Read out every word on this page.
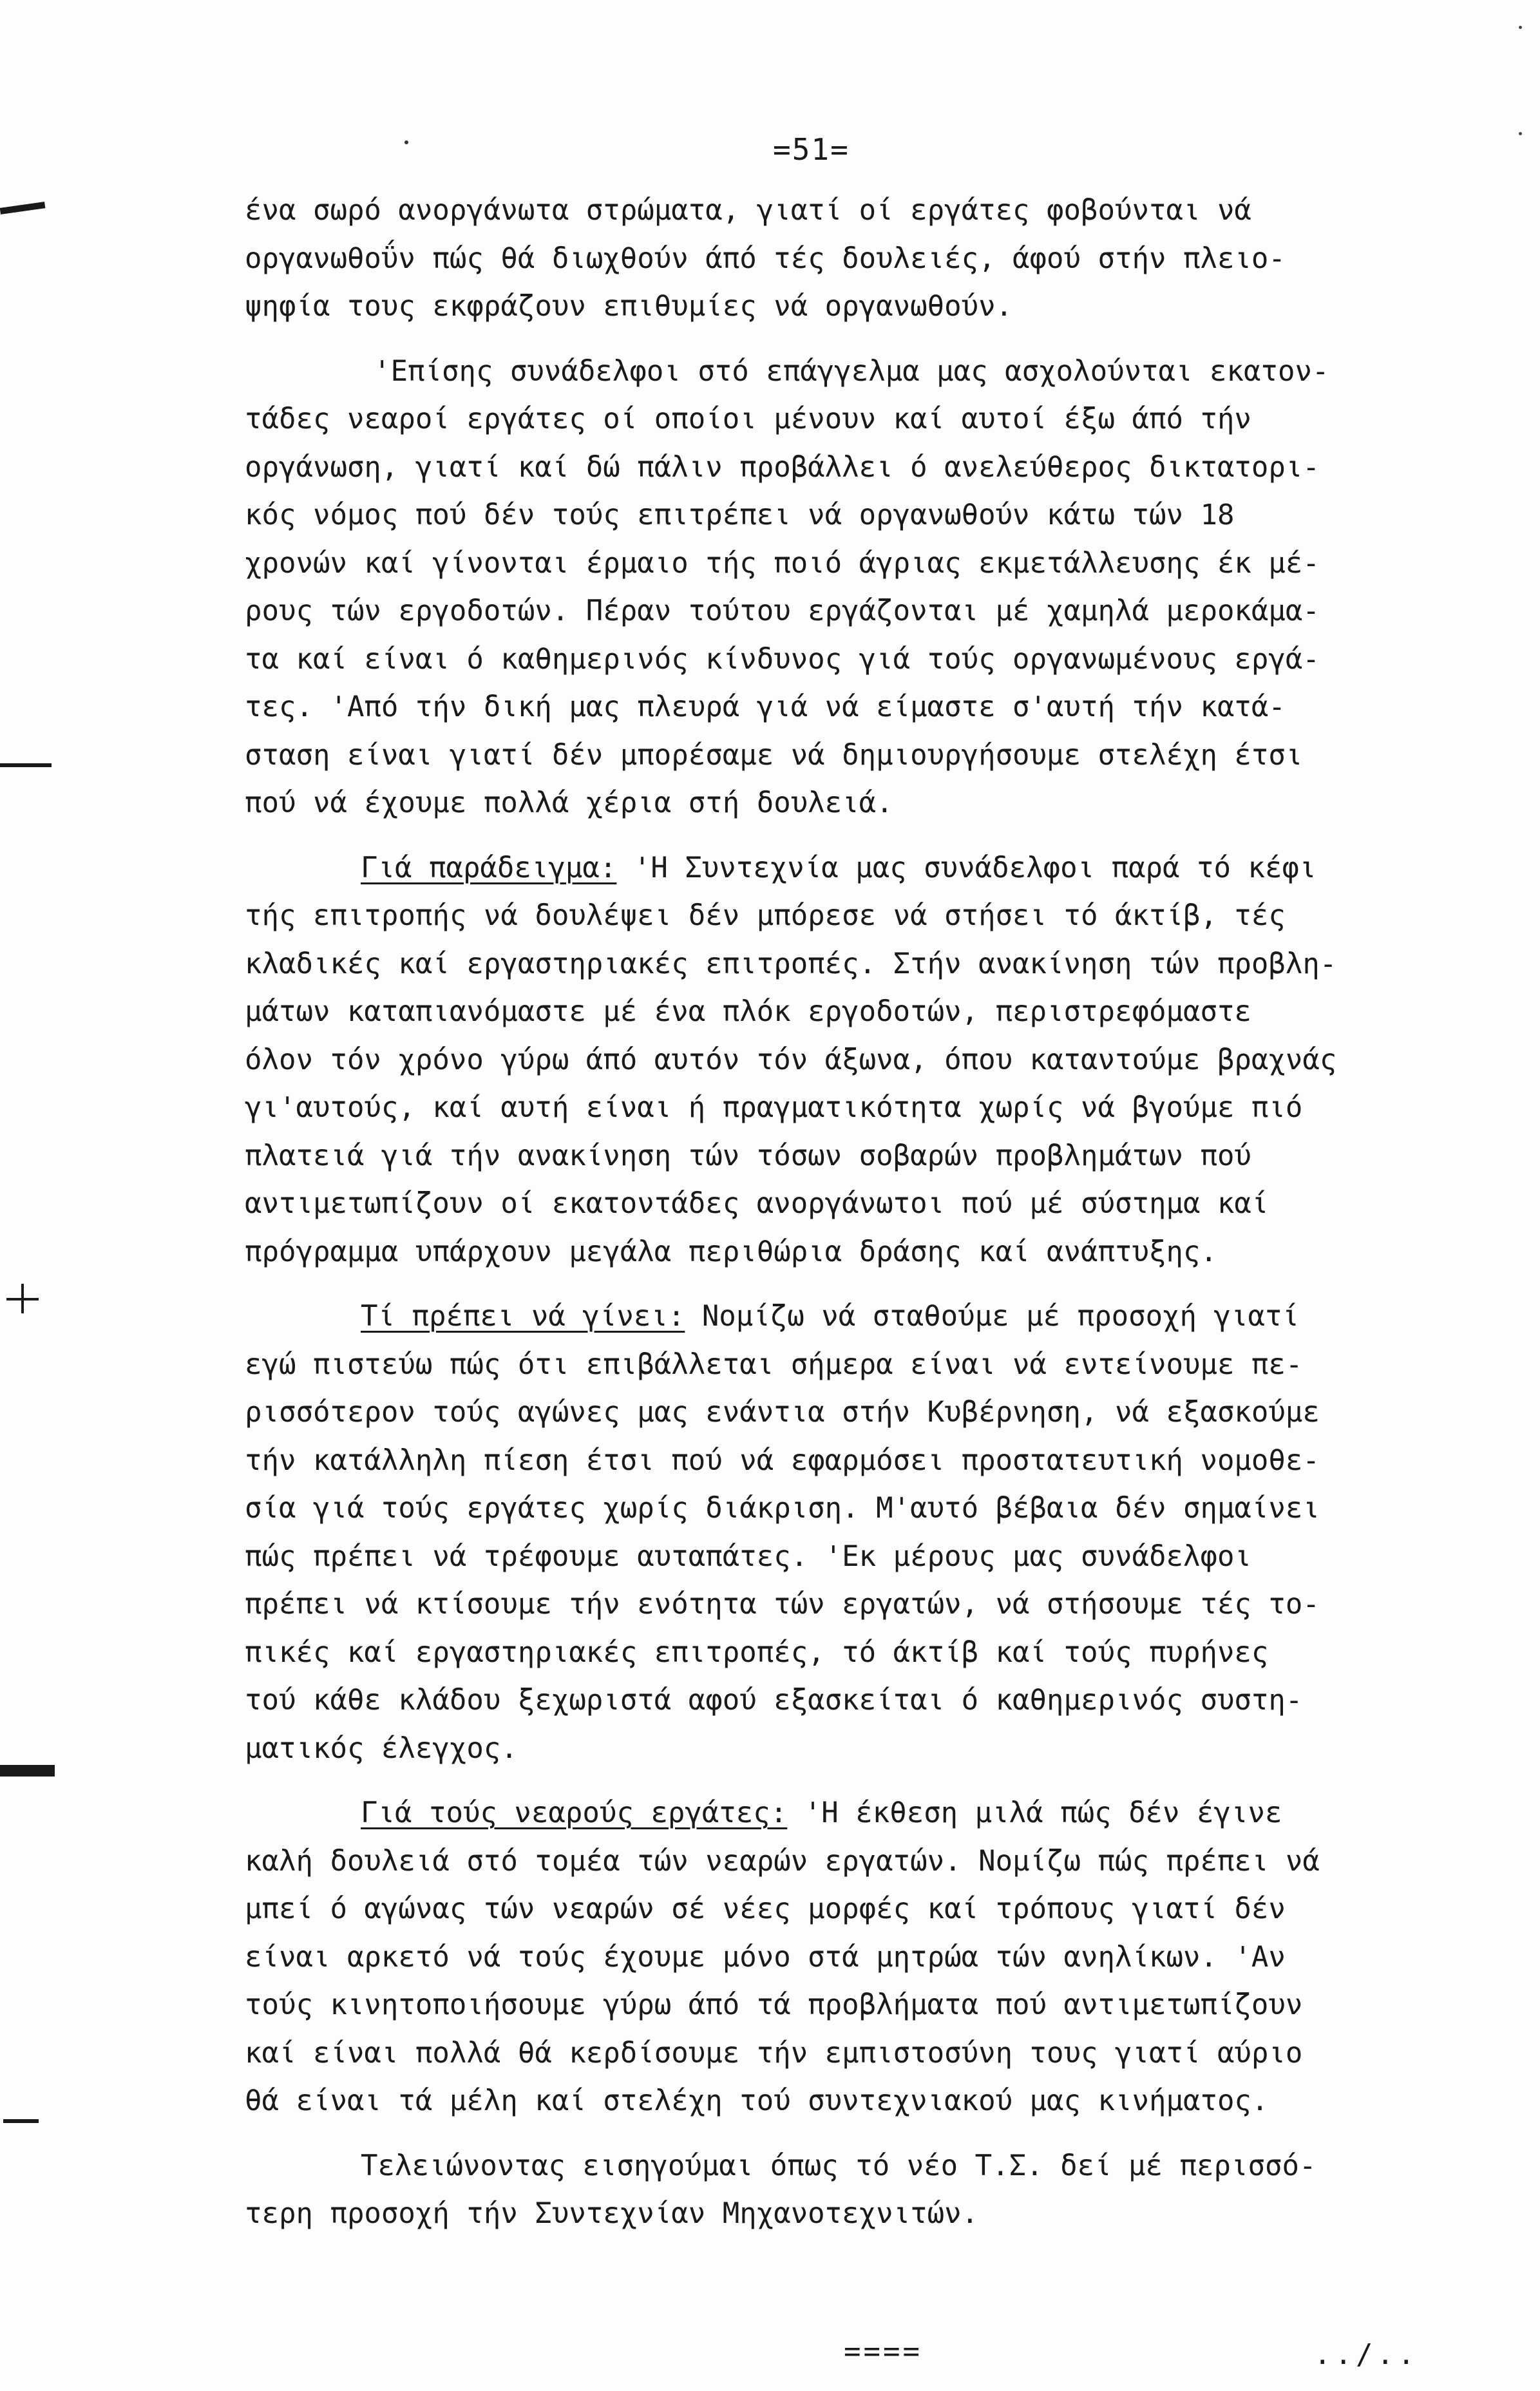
=51=
ένα σωρό ανοργάνωτα στρώματα, γιατί οί εργάτες φοβούνται νά
οργανωθοΰν πώς θά διωχθούν άπό τές δουλειές, άφού στήν πλειο-
ψηφία τους εκφράζουν επιθυμίες νά οργανωθούν.
'Επίσης συνάδελφοι στό επάγγελμα μας ασχολούνται εκατον-
τάδες νεαροί εργάτες οί οποίοι μένουν καί αυτοί έξω άπό τήν
οργάνωση, γιατί καί δώ πάλιν προβάλλει ό ανελεύθερος δικτατορι-
κός νόμος πού δέν τούς επιτρέπει νά οργανωθούν κάτω τών 18
χρονών καί γίνονται έρμαιο τής ποιό άγριας εκμετάλλευσης έκ μέ-
ρους τών εργοδοτών. Πέραν τούτου εργάζονται μέ χαμηλά μεροκάμα-
τα καί είναι ό καθημερινός κίνδυνος γιά τούς οργανωμένους εργά-
τες. 'Από τήν δική μας πλευρά γιά νά είμαστε σ'αυτή τήν κατά-
σταση είναι γιατί δέν μπορέσαμε νά δημιουργήσουμε στελέχη έτσι
πού νά έχουμε πολλά χέρια στή δουλειά.
Γιά παράδειγμα: 'Η Συντεχνία μας συνάδελφοι παρά τό κέφι
τής επιτροπής νά δουλέψει δέν μπόρεσε νά στήσει τό άκτίβ, τές
κλαδικές καί εργαστηριακές επιτροπές. Στήν ανακίνηση τών προβλη-
μάτων καταπιανόμαστε μέ ένα πλόκ εργοδοτών, περιστρεφόμαστε
όλον τόν χρόνο γύρω άπό αυτόν τόν άξωνα, όπου καταντούμε βραχνάς
γι'αυτούς, καί αυτή είναι ή πραγματικότητα χωρίς νά βγούμε πιό
πλατειά γιά τήν ανακίνηση τών τόσων σοβαρών προβλημάτων πού
αντιμετωπίζουν οί εκατοντάδες ανοργάνωτοι πού μέ σύστημα καί
πρόγραμμα υπάρχουν μεγάλα περιθώρια δράσης καί ανάπτυξης.
Τί πρέπει νά γίνει: Νομίζω νά σταθούμε μέ προσοχή γιατί
εγώ πιστεύω πώς ότι επιβάλλεται σήμερα είναι νά εντείνουμε πε-
ρισσότερον τούς αγώνες μας ενάντια στήν Κυβέρνηση, νά εξασκούμε
τήν κατάλληλη πίεση έτσι πού νά εφαρμόσει προστατευτική νομοθε-
σία γιά τούς εργάτες χωρίς διάκριση. Μ'αυτό βέβαια δέν σημαίνει
πώς πρέπει νά τρέφουμε αυταπάτες. 'Εκ μέρους μας συνάδελφοι
πρέπει νά κτίσουμε τήν ενότητα τών εργατών, νά στήσουμε τές το-
πικές καί εργαστηριακές επιτροπές, τό άκτίβ καί τούς πυρήνες
τού κάθε κλάδου ξεχωριστά αφού εξασκείται ό καθημερινός συστη-
ματικός έλεγχος.
Γιά τούς νεαρούς εργάτες: 'Η έκθεση μιλά πώς δέν έγινε
καλή δουλειά στό τομέα τών νεαρών εργατών. Νομίζω πώς πρέπει νά
μπεί ό αγώνας τών νεαρών σέ νέες μορφές καί τρόπους γιατί δέν
είναι αρκετό νά τούς έχουμε μόνο στά μητρώα τών ανηλίκων. 'Αν
τούς κινητοποιήσουμε γύρω άπό τά προβλήματα πού αντιμετωπίζουν
καί είναι πολλά θά κερδίσουμε τήν εμπιστοσύνη τους γιατί αύριο
θά είναι τά μέλη καί στελέχη τού συντεχνιακού μας κινήματος.
Τελειώνοντας εισηγούμαι όπως τό νέο Τ.Σ. δεί μέ περισσό-
τερη προσοχή τήν Συντεχνίαν Μηχανοτεχνιτών.
====	../..
